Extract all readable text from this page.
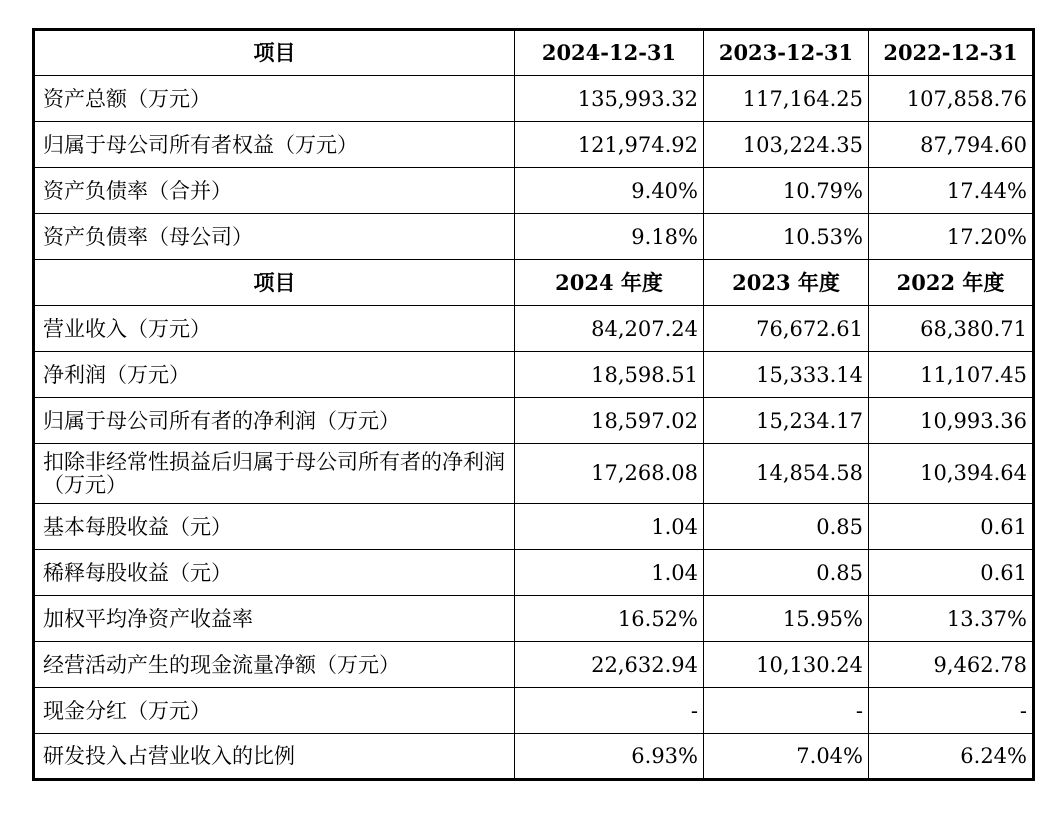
项目	2024-12-31	2023-12-31	2022-12-31
资产总额（万元）	135,993.32	117,164.25	107,858.76
归属于母公司所有者权益（万元）	121,974.92	103,224.35	87,794.60
资产负债率（合并）	9.40%	10.79%	17.44%
资产负债率（母公司）	9.18%	10.53%	17.20%
项目	2024 年度	2023 年度	2022 年度
营业收入（万元）	84,207.24	76,672.61	68,380.71
净利润（万元）	18,598.51	15,333.14	11,107.45
归属于母公司所有者的净利润（万元）	18,597.02	15,234.17	10,993.36
扣除非经常性损益后归属于母公司所有者的净利润（万元）	17,268.08	14,854.58	10,394.64
基本每股收益（元）	1.04	0.85	0.61
稀释每股收益（元）	1.04	0.85	0.61
加权平均净资产收益率	16.52%	15.95%	13.37%
经营活动产生的现金流量净额（万元）	22,632.94	10,130.24	9,462.78
现金分红（万元）	-	-	-
研发投入占营业收入的比例	6.93%	7.04%	6.24%
